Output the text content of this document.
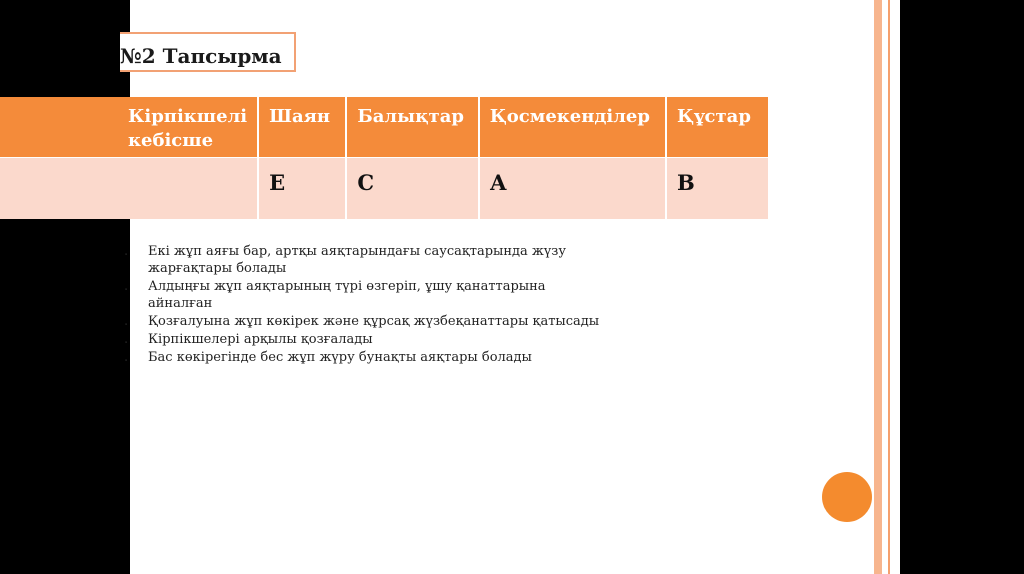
№2 Тапсырма
Кірпікшелі кебісше	Шаян	Балықтар	Қосмекенділер	Құстар
	Е	С	А	В
. Екі жұп аяғы бар, артқы аяқтарындағы саусақтарында жүзу жарғақтары болады
. Алдыңғы жұп аяқтарының түрі өзгеріп, ұшу қанаттарына айналған
. Қозғалуына жұп көкірек және құрсақ жүзбеқанаттары қатысады
. Кірпікшелері арқылы қозғалады
. Бас көкірегінде бес жұп жүру бунақты аяқтары болады
